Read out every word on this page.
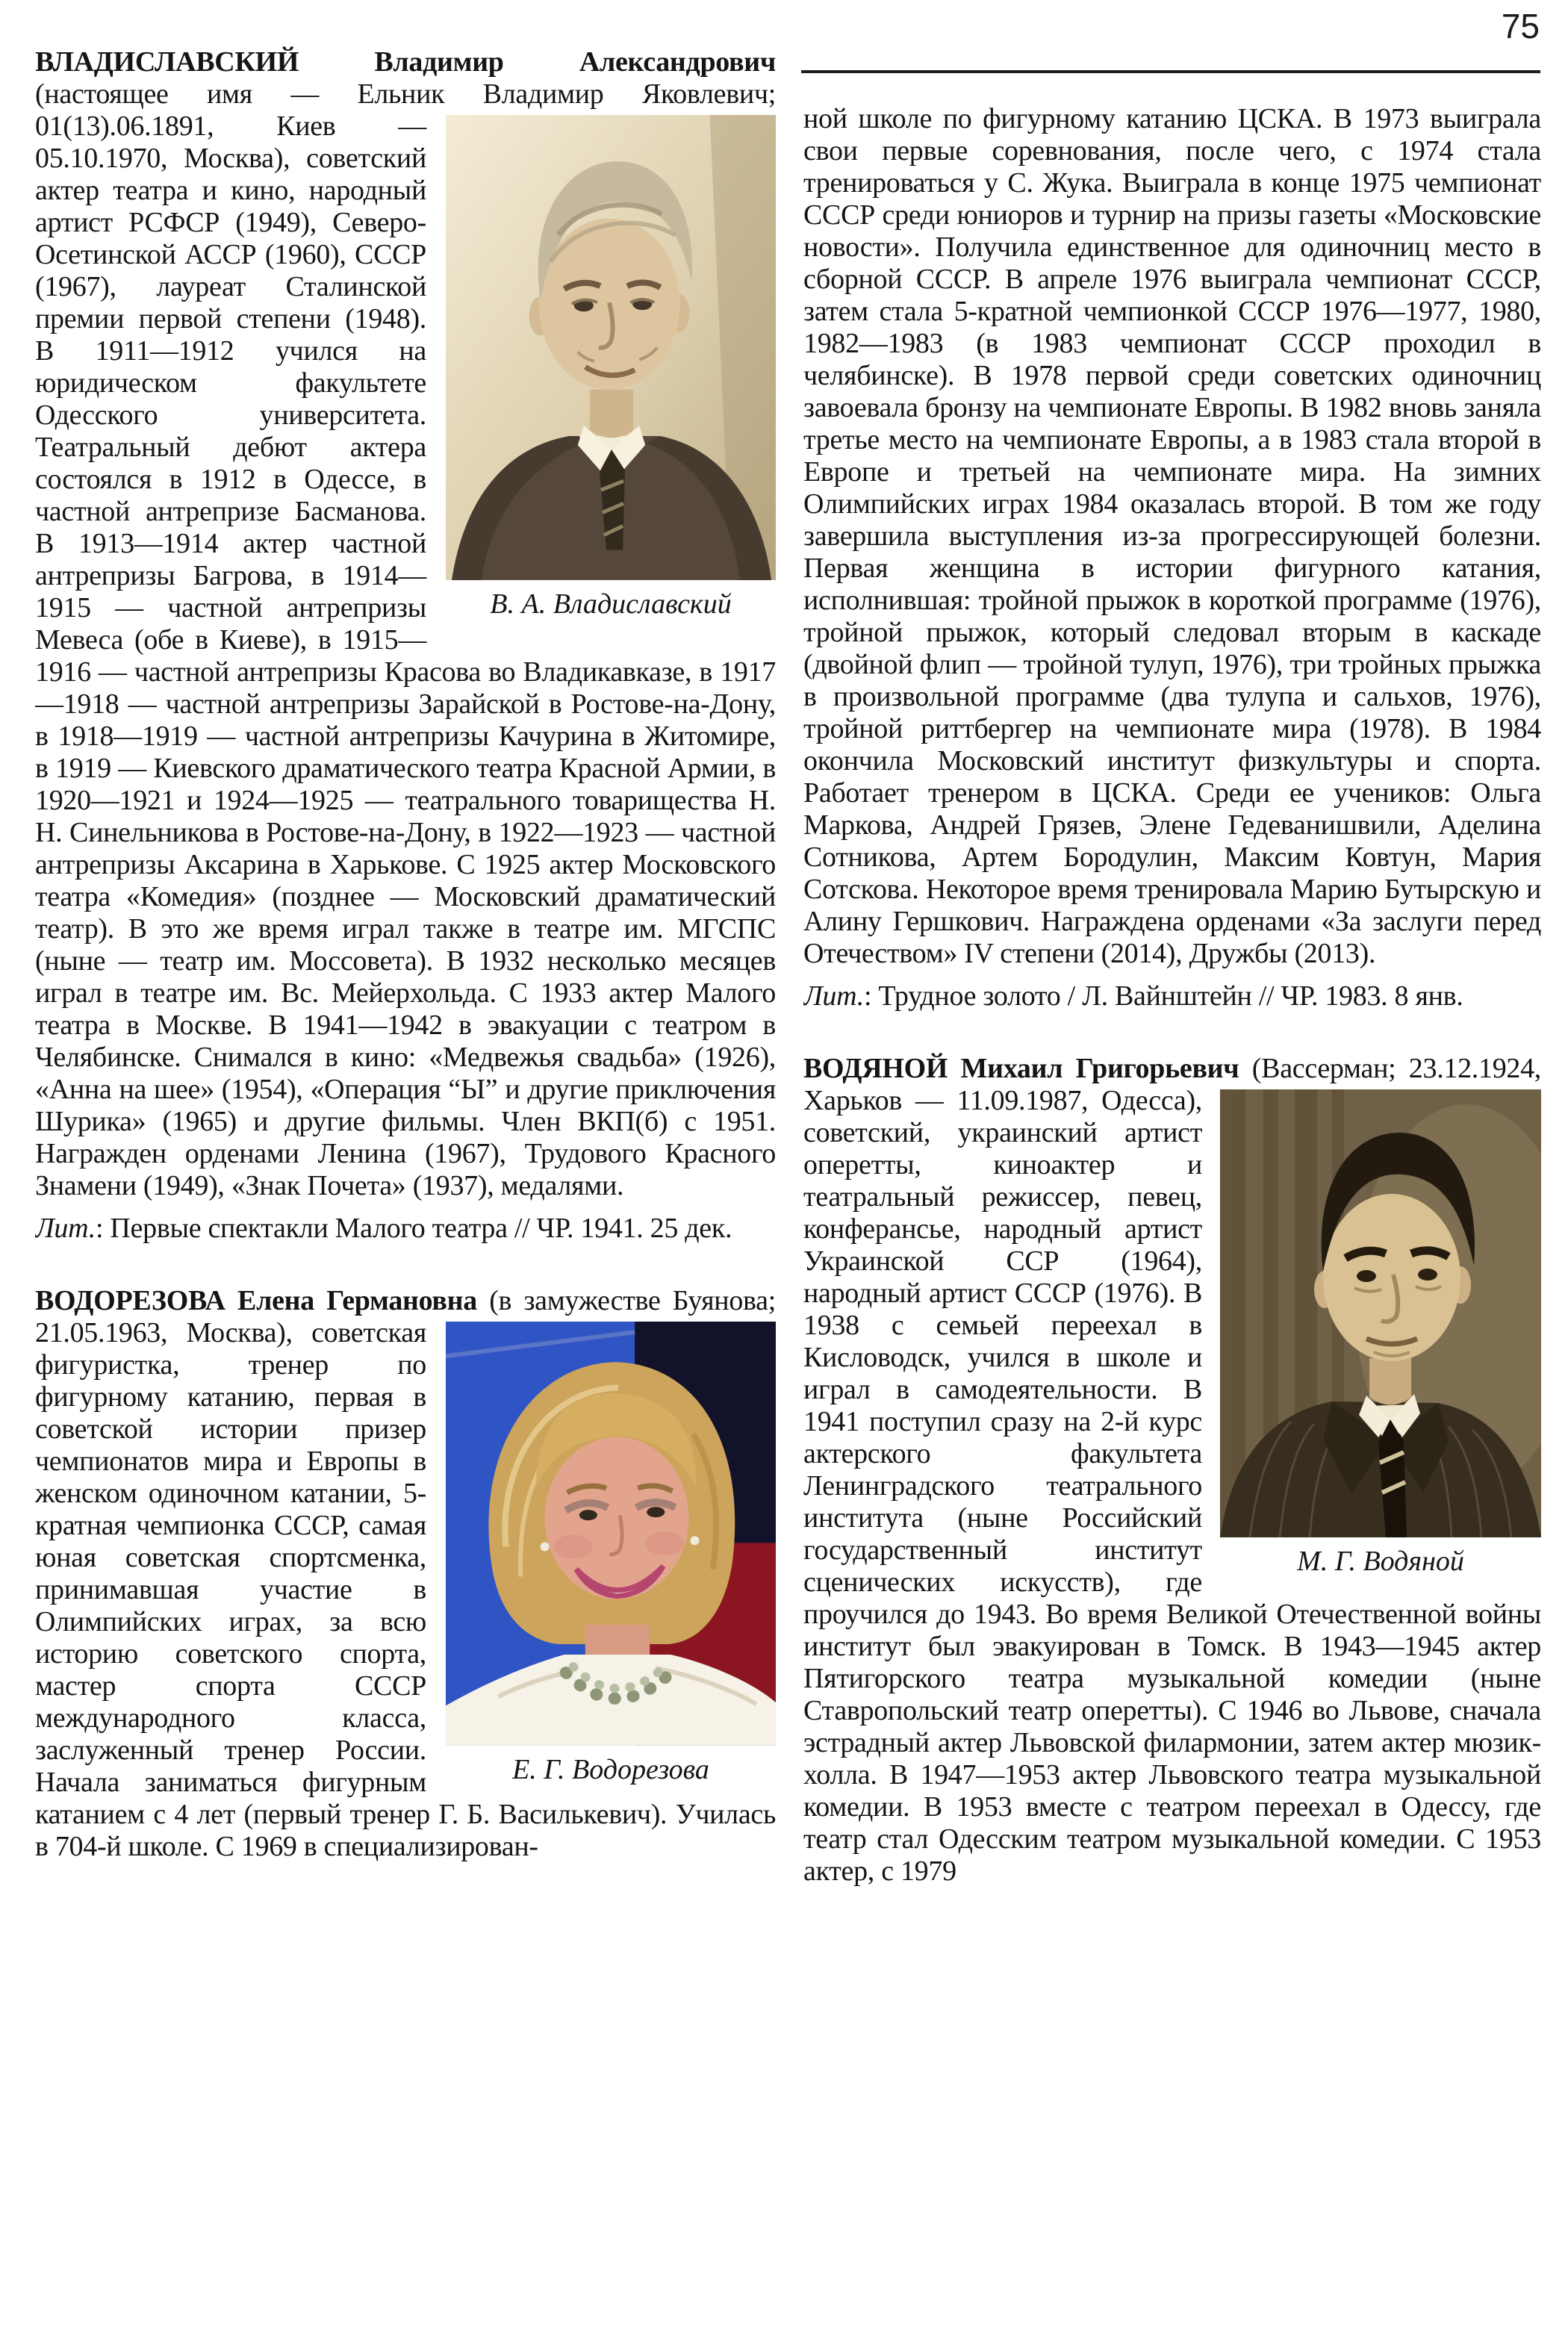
75

ВЛАДИСЛАВСКИЙ Владимир Александрович (настоящее имя — Ельник Владимир Яковлевич;
В. А. Владиславский
01(13).06.1891, Киев — 05.10.1970, Москва), советский актер театра и кино, народный артист РСФСР (1949), Северо-Осетинской АССР (1960), СССР (1967), лауреат Сталинской премии первой степени (1948). В 1911—1912 учился на юридическом факультете Одесского университета. Театральный дебют актера состоялся в 1912 в Одессе, в частной антрепризе Басманова. В 1913—1914 актер частной антрепризы Багрова, в 1914—1915 — частной антрепризы Мевеса (обе в Киеве), в 1915—1916 — частной антрепризы Красова во Владикавказе, в 1917—1918 — частной антрепризы Зарайской в Ростове-на-Дону, в 1918—1919 — частной антрепризы Качурина в Житомире, в 1919 — Киевского драматического театра Красной Армии, в 1920—1921 и 1924—1925 — театрального товарищества Н. Н. Синельникова в Ростове-на-Дону, в 1922—1923 — частной антрепризы Аксарина в Харькове. С 1925 актер Московского театра «Комедия» (позднее — Московский драматический театр). В это же время играл также в театре им. МГСПС (ныне — театр им. Моссовета). В 1932 несколько месяцев играл в театре им. Вс. Мейерхольда. С 1933 актер Малого театра в Москве. В 1941—1942 в эвакуации с театром в Челябинске. Снимался в кино: «Медвежья свадьба» (1926), «Анна на шее» (1954), «Операция “Ы” и другие приключения Шурика» (1965) и другие фильмы. Член ВКП(б) с 1951. Награжден орденами Ленина (1967), Трудового Красного Знамени (1949), «Знак Почета» (1937), медалями.

Лит.: Первые спектакли Малого театра // ЧР. 1941. 25 дек.

ВОДОРЕЗОВА Елена Германовна (в замужестве Буянова; 21.05.1963, Москва), советская
Е. Г. Водорезова
фигуристка, тренер по фигурному катанию, первая в советской истории призер чемпионатов мира и Европы в женском одиночном катании, 5-кратная чемпионка СССР, самая юная советская спортсменка, принимавшая участие в Олимпийских играх, за всю историю советского спорта, мастер спорта СССР международного класса, заслуженный тренер России. Начала заниматься фигурным катанием с 4 лет (первый тренер Г. Б. Василькевич). Училась в 704-й школе. С 1969 в специализирован-

ной школе по фигурному катанию ЦСКА. В 1973 выиграла свои первые соревнования, после чего, с 1974 стала тренироваться у С. Жука. Выиграла в конце 1975 чемпионат СССР среди юниоров и турнир на призы газеты «Московские новости». Получила единственное для одиночниц место в сборной СССР. В апреле 1976 выиграла чемпионат СССР, затем стала 5-кратной чемпионкой СССР 1976—1977, 1980, 1982—1983 (в 1983 чемпионат СССР проходил в челябинске). В 1978 первой среди советских одиночниц завоевала бронзу на чемпионате Европы. В 1982 вновь заняла третье место на чемпионате Европы, а в 1983 стала второй в Европе и третьей на чемпионате мира. На зимних Олимпийских играх 1984 оказалась второй. В том же году завершила выступления из-за прогрессирующей болезни. Первая женщина в истории фигурного катания, исполнившая: тройной прыжок в короткой программе (1976), тройной прыжок, который следовал вторым в каскаде (двойной флип — тройной тулуп, 1976), три тройных прыжка в произвольной программе (два тулупа и сальхов, 1976), тройной риттбергер на чемпионате мира (1978). В 1984 окончила Московский институт физкультуры и спорта. Работает тренером в ЦСКА. Среди ее учеников: Ольга Маркова, Андрей Грязев, Элене Гедеванишвили, Аделина Сотникова, Артем Бородулин, Максим Ковтун, Мария Сотскова. Некоторое время тренировала Марию Бутырскую и Алину Гершкович. Награждена орденами «За заслуги перед Отечеством» IV степени (2014), Дружбы (2013).

Лит.: Трудное золото / Л. Вайнштейн // ЧР. 1983. 8 янв.

ВОДЯНОЙ Михаил Григорьевич (Вассерман; 23.12.1924, Харьков — 11.09.1987, Одесса),
М. Г. Водяной
советский, украинский артист оперетты, киноактер и театральный режиссер, певец, конферансье, народный артист Украинской ССР (1964), народный артист СССР (1976). В 1938 с семьей переехал в Кисловодск, учился в школе и играл в самодеятельности. В 1941 поступил сразу на 2-й курс актерского факультета Ленинградского театрального института (ныне Российский государственный институт сценических искусств), где проучился до 1943. Во время Великой Отечественной войны институт был эвакуирован в Томск. В 1943—1945 актер Пятигорского театра музыкальной комедии (ныне Ставропольский театр оперетты). С 1946 во Львове, сначала эстрадный актер Львовской филармонии, затем актер мюзик-холла. В 1947—1953 актер Львовского театра музыкальной комедии. В 1953 вместе с театром переехал в Одессу, где театр стал Одесским театром музыкальной комедии. С 1953 актер, с 1979
